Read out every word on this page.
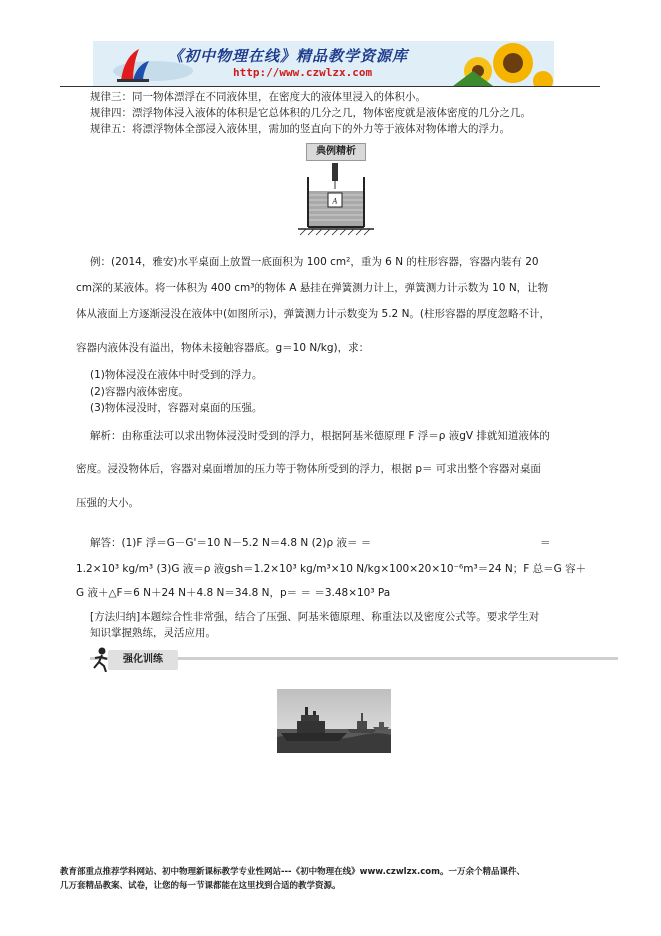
《初中物理在线》精品教学资源库
http://www.czwlzx.com
规律三：同一物体漂浮在不同液体里，在密度大的液体里浸入的体积小。
规律四：漂浮物体浸入液体的体积是它总体积的几分之几，物体密度就是液体密度的几分之几。
规律五：将漂浮物体全部浸入液体里，需加的竖直向下的外力等于液体对物体增大的浮力。
典例精析
A
例：(2014，雅安)水平桌面上放置一底面积为 100 cm²，重为 6 N 的柱形容器，容器内装有 20
cm深的某液体。将一体积为 400 cm³的物体 A 悬挂在弹簧测力计上，弹簧测力计示数为 10 N，让物
体从液面上方逐渐浸没在液体中(如图所示)，弹簧测力计示数变为 5.2 N。(柱形容器的厚度忽略不计，
容器内液体没有溢出，物体未接触容器底。g＝10 N/kg)，求：
(1)物体浸没在液体中时受到的浮力。
(2)容器内液体密度。
(3)物体浸没时，容器对桌面的压强。
解析：由称重法可以求出物体浸没时受到的浮力，根据阿基米德原理 F 浮＝ρ 液gV 排就知道液体的
密度。浸没物体后，容器对桌面增加的压力等于物体所受到的浮力，根据 p＝ 可求出整个容器对桌面
压强的大小。
解答：(1)F 浮＝G－G'＝10 N－5.2 N＝4.8 N (2)ρ 液＝ ＝	＝
1.2×10³ kg/m³ (3)G 液＝ρ 液gsh＝1.2×10³ kg/m³×10 N/kg×100×20×10⁻⁶m³＝24 N；F 总＝G 容＋
G 液＋△F＝6 N＋24 N＋4.8 N＝34.8 N，p＝ ＝ ＝3.48×10³ Pa
[方法归纳]本题综合性非常强，结合了压强、阿基米德原理、称重法以及密度公式等。要求学生对
知识掌握熟练，灵活应用。
强化训练
教育部重点推荐学科网站、初中物理新课标教学专业性网站---《初中物理在线》www.czwlzx.com。一万余个精品课件、
几万套精品教案、试卷，让您的每一节课都能在这里找到合适的教学资源。
